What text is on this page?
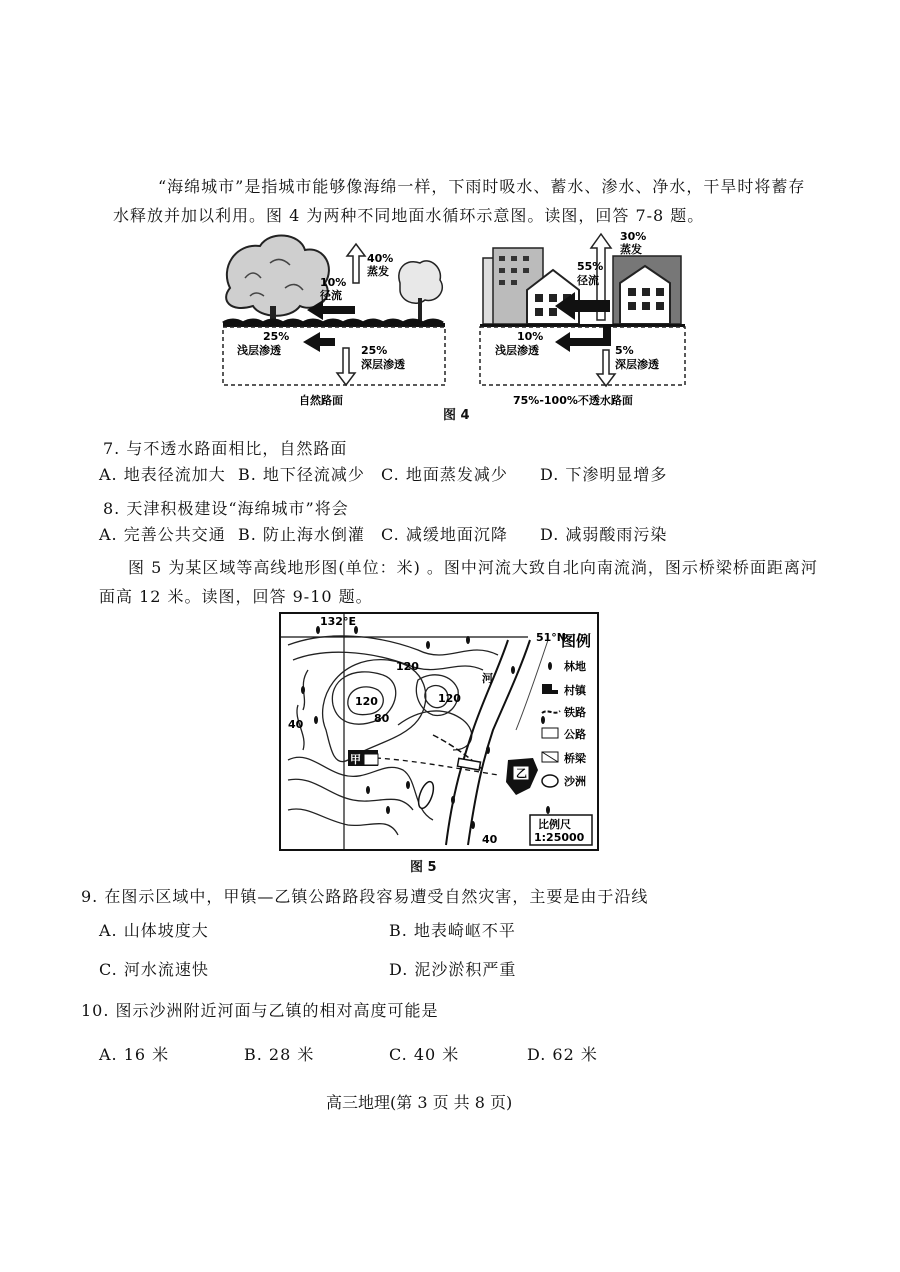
“海绵城市”是指城市能够像海绵一样，下雨时吸水、蓄水、渗水、净水，干旱时将蓄存
水释放并加以利用。图 4 为两种不同地面水循环示意图。读图，回答 7-8 题。
40%
蒸发
10%
径流
25%
浅层渗透	25%
深层渗透
自然路面
30%
蒸发
55%
径流
10%
浅层渗透	5%
深层渗透
75%-100%不透水路面
图 4
7. 与不透水路面相比，自然路面
A. 地表径流加大 B. 地下径流减少 C. 地面蒸发减少 D. 下渗明显增多
8. 天津积极建设“海绵城市”将会
A. 完善公共交通 B. 防止海水倒灌 C. 减缓地面沉降 D. 减弱酸雨污染
图 5 为某区域等高线地形图(单位：米) 。图中河流大致自北向南流淌，图示桥梁桥面距离河
面高 12 米。读图，回答 9-10 题。
132°E
51°N
120
120	120
80
40
40
甲
乙
河
比例尺
1:25000
图例
林地
村镇
铁路
公路
桥梁
沙洲
图 5
9. 在图示区域中，甲镇—乙镇公路路段容易遭受自然灾害，主要是由于沿线
A. 山体坡度大	B. 地表崎岖不平
C. 河水流速快	D. 泥沙淤积严重
10. 图示沙洲附近河面与乙镇的相对高度可能是
A. 16 米	B. 28 米	C. 40 米	D. 62 米
高三地理(第 3 页 共 8 页)
